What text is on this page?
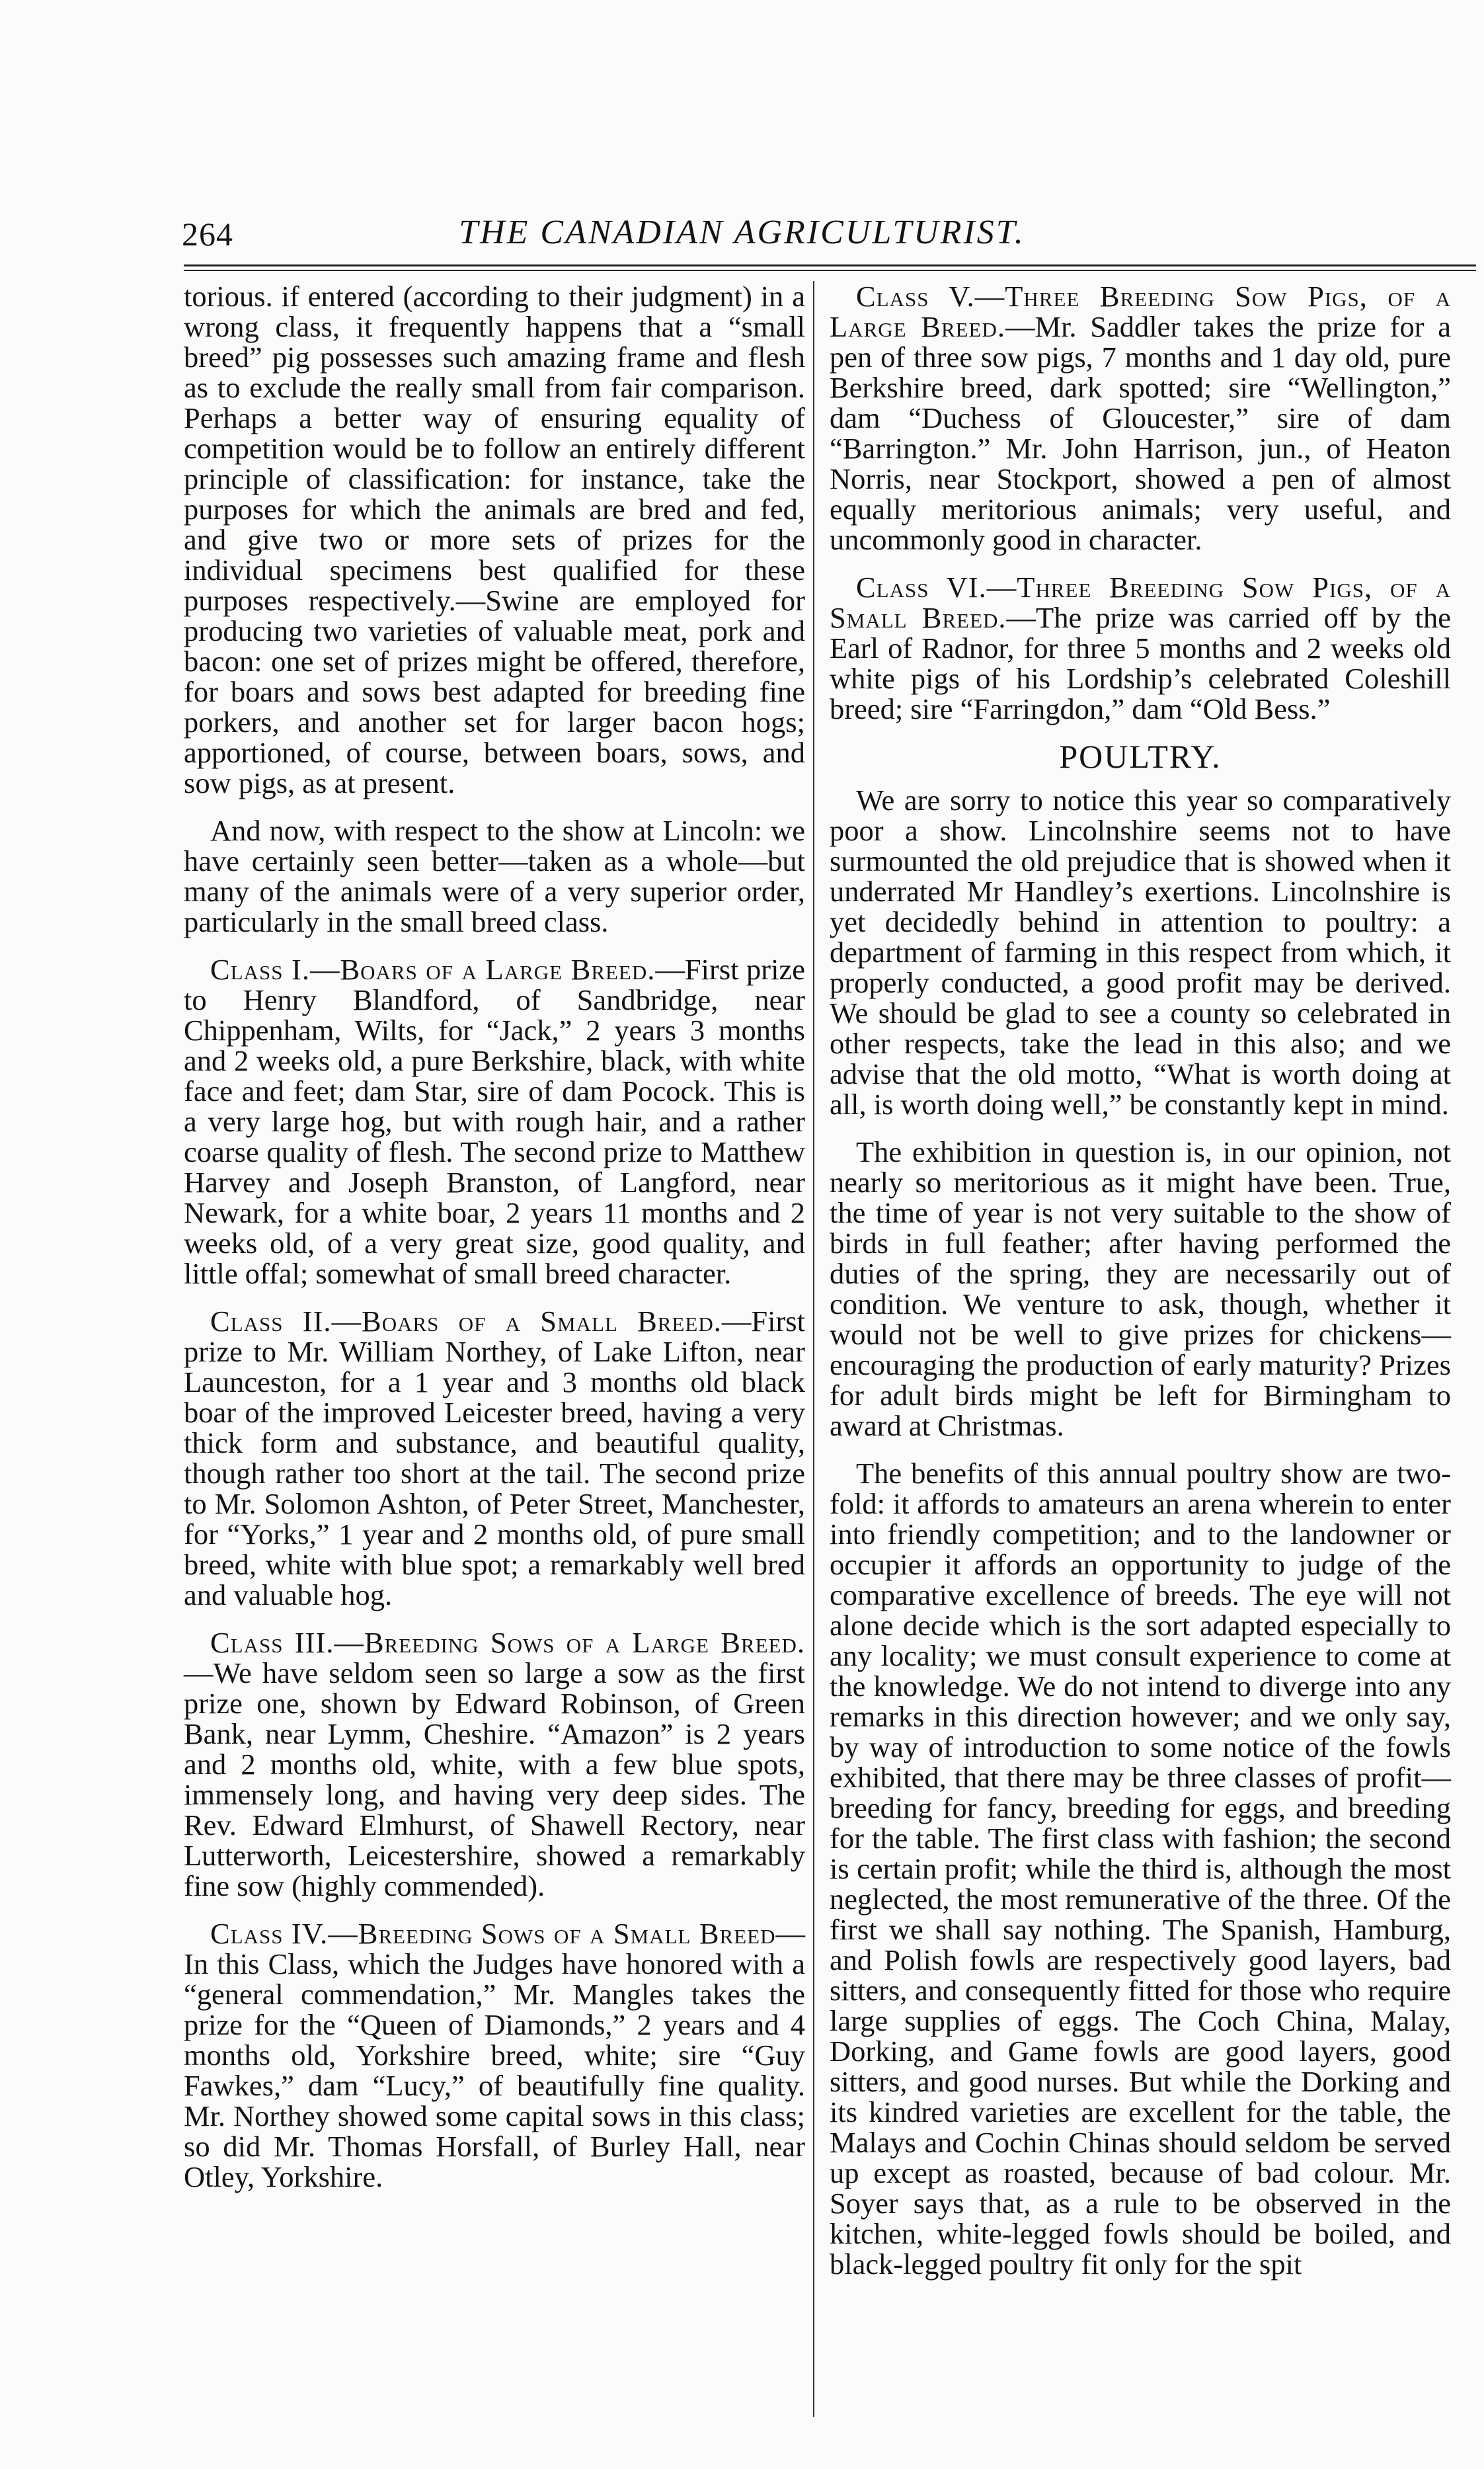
264	THE CANADIAN AGRICULTURIST.

torious. if entered (according to their judgment) in a wrong class, it frequently happens that a “small breed” pig possesses such amazing frame and flesh as to exclude the really small from fair comparison. Perhaps a better way of ensuring equality of competition would be to follow an entirely different principle of classification: for instance, take the purposes for which the animals are bred and fed, and give two or more sets of prizes for the individual specimens best qualified for these purposes respectively.—Swine are employed for producing two varieties of valuable meat, pork and bacon: one set of prizes might be offered, therefore, for boars and sows best adapted for breeding fine porkers, and another set for larger bacon hogs; apportioned, of course, between boars, sows, and sow pigs, as at present.

And now, with respect to the show at Lincoln: we have certainly seen better—taken as a whole—but many of the animals were of a very superior order, particularly in the small breed class.

Class I.—Boars of a Large Breed.—First prize to Henry Blandford, of Sandbridge, near Chippenham, Wilts, for “Jack,” 2 years 3 months and 2 weeks old, a pure Berkshire, black, with white face and feet; dam Star, sire of dam Pocock. This is a very large hog, but with rough hair, and a rather coarse quality of flesh. The second prize to Matthew Harvey and Joseph Branston, of Langford, near Newark, for a white boar, 2 years 11 months and 2 weeks old, of a very great size, good quality, and little offal; somewhat of small breed character.

Class II.—Boars of a Small Breed.—First prize to Mr. William Northey, of Lake Lifton, near Launceston, for a 1 year and 3 months old black boar of the improved Leicester breed, having a very thick form and substance, and beautiful quality, though rather too short at the tail. The second prize to Mr. Solomon Ashton, of Peter Street, Manchester, for “Yorks,” 1 year and 2 months old, of pure small breed, white with blue spot; a remarkably well bred and valuable hog.

Class III.—Breeding Sows of a Large Breed.—We have seldom seen so large a sow as the first prize one, shown by Edward Robinson, of Green Bank, near Lymm, Cheshire. “Amazon” is 2 years and 2 months old, white, with a few blue spots, immensely long, and having very deep sides. The Rev. Edward Elmhurst, of Shawell Rectory, near Lutterworth, Leicestershire, showed a remarkably fine sow (highly commended).

Class IV.—Breeding Sows of a Small Breed—In this Class, which the Judges have honored with a “general commendation,” Mr. Mangles takes the prize for the “Queen of Diamonds,” 2 years and 4 months old, Yorkshire breed, white; sire “Guy Fawkes,” dam “Lucy,” of beautifully fine quality. Mr. Northey showed some capital sows in this class; so did Mr. Thomas Horsfall, of Burley Hall, near Otley, Yorkshire.

Class V.—Three Breeding Sow Pigs, of a Large Breed.—Mr. Saddler takes the prize for a pen of three sow pigs, 7 months and 1 day old, pure Berkshire breed, dark spotted; sire “Wellington,” dam “Duchess of Gloucester,” sire of dam “Barrington.” Mr. John Harrison, jun., of Heaton Norris, near Stockport, showed a pen of almost equally meritorious animals; very useful, and uncommonly good in character.

Class VI.—Three Breeding Sow Pigs, of a Small Breed.—The prize was carried off by the Earl of Radnor, for three 5 months and 2 weeks old white pigs of his Lordship’s celebrated Coleshill breed; sire “Farringdon,” dam “Old Bess.”

POULTRY.

We are sorry to notice this year so comparatively poor a show. Lincolnshire seems not to have surmounted the old prejudice that is showed when it underrated Mr Handley’s exertions. Lincolnshire is yet decidedly behind in attention to poultry: a department of farming in this respect from which, it properly conducted, a good profit may be derived. We should be glad to see a county so celebrated in other respects, take the lead in this also; and we advise that the old motto, “What is worth doing at all, is worth doing well,” be constantly kept in mind.

The exhibition in question is, in our opinion, not nearly so meritorious as it might have been. True, the time of year is not very suitable to the show of birds in full feather; after having performed the duties of the spring, they are necessarily out of condition. We venture to ask, though, whether it would not be well to give prizes for chickens—encouraging the production of early maturity? Prizes for adult birds might be left for Birmingham to award at Christmas.

The benefits of this annual poultry show are two-fold: it affords to amateurs an arena wherein to enter into friendly competition; and to the landowner or occupier it affords an opportunity to judge of the comparative excellence of breeds. The eye will not alone decide which is the sort adapted especially to any locality; we must consult experience to come at the knowledge. We do not intend to diverge into any remarks in this direction however; and we only say, by way of introduction to some notice of the fowls exhibited, that there may be three classes of profit—breeding for fancy, breeding for eggs, and breeding for the table. The first class with fashion; the second is certain profit; while the third is, although the most neglected, the most remunerative of the three. Of the first we shall say nothing. The Spanish, Hamburg, and Polish fowls are respectively good layers, bad sitters, and consequently fitted for those who require large supplies of eggs. The Coch China, Malay, Dorking, and Game fowls are good layers, good sitters, and good nurses. But while the Dorking and its kindred varieties are excellent for the table, the Malays and Cochin Chinas should seldom be served up except as roasted, because of bad colour. Mr. Soyer says that, as a rule to be observed in the kitchen, white-legged fowls should be boiled, and black-legged poultry fit only for the spit
